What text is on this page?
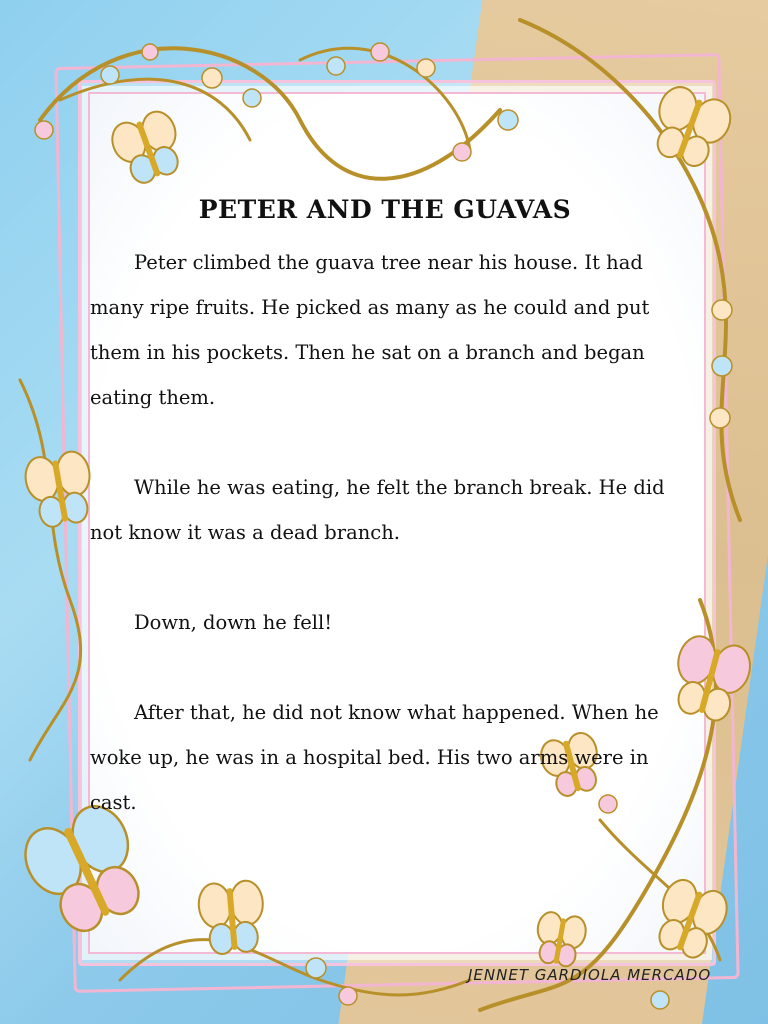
PETER AND THE GUAVAS

Peter climbed the guava tree near his house. It had many ripe fruits. He picked as many as he could and put them in his pockets. Then he sat on a branch and began eating them.

While he was eating, he felt the branch break. He did not know it was a dead branch.

Down, down he fell!

After that, he did not know what happened. When he woke up, he was in a hospital bed. His two arms were in cast.

JENNET GARDIOLA MERCADO
